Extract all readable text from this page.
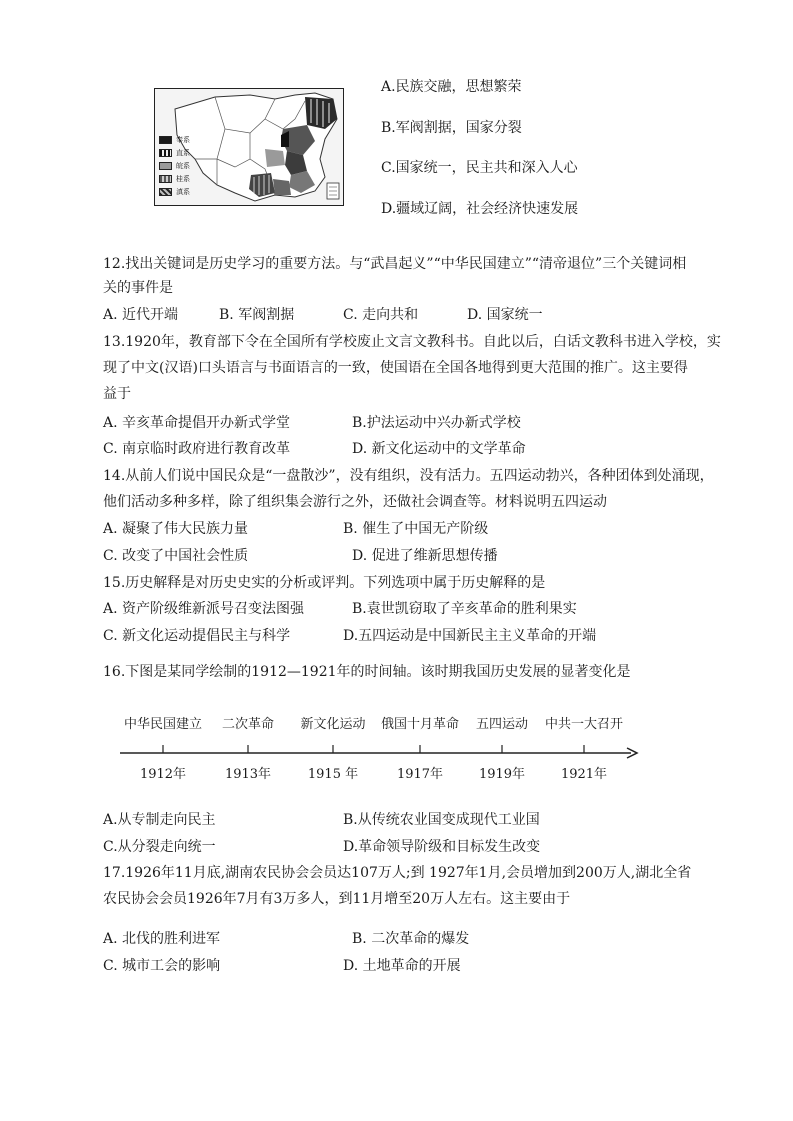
奉系
直系
皖系
桂系
滇系
A.民族交融，思想繁荣
B.军阀割据，国家分裂
C.国家统一，民主共和深入人心
D.疆域辽阔，社会经济快速发展
12.找出关键词是历史学习的重要方法。与“武昌起义”“中华民国建立”“清帝退位”三个关键词相
关的事件是
A. 近代开端	B. 军阀割据	C. 走向共和	D. 国家统一
13.1920年，教育部下令在全国所有学校废止文言文教科书。自此以后，白话文教科书进入学校，实
现了中文(汉语)口头语言与书面语言的一致，使国语在全国各地得到更大范围的推广。这主要得
益于
A. 辛亥革命提倡开办新式学堂	B.护法运动中兴办新式学校
C. 南京临时政府进行教育改革	D. 新文化运动中的文学革命
14.从前人们说中国民众是“一盘散沙”，没有组织，没有活力。五四运动勃兴，各种团体到处涌现，
他们活动多种多样，除了组织集会游行之外，还做社会调查等。材料说明五四运动
A. 凝聚了伟大民族力量	B. 催生了中国无产阶级
C. 改变了中国社会性质	D. 促进了维新思想传播
15.历史解释是对历史史实的分析或评判。下列选项中属于历史解释的是
A. 资产阶级维新派号召变法图强	B.袁世凯窃取了辛亥革命的胜利果实
C. 新文化运动提倡民主与科学	D.五四运动是中国新民主主义革命的开端
16.下图是某同学绘制的1912—1921年的时间轴。该时期我国历史发展的显著变化是
中华民国建立 二次革命 新文化运动 俄国十月革命 五四运动 中共一大召开
1912年	1913年	1915 年	1917年	1919年	1921年
A.从专制走向民主	B.从传统农业国变成现代工业国
C.从分裂走向统一	D.革命领导阶级和目标发生改变
17.1926年11月底,湖南农民协会会员达107万人;到 1927年1月,会员增加到200万人,湖北全省
农民协会会员1926年7月有3万多人，到11月增至20万人左右。这主要由于
A. 北伐的胜利进军	B. 二次革命的爆发
C. 城市工会的影响	D. 土地革命的开展
